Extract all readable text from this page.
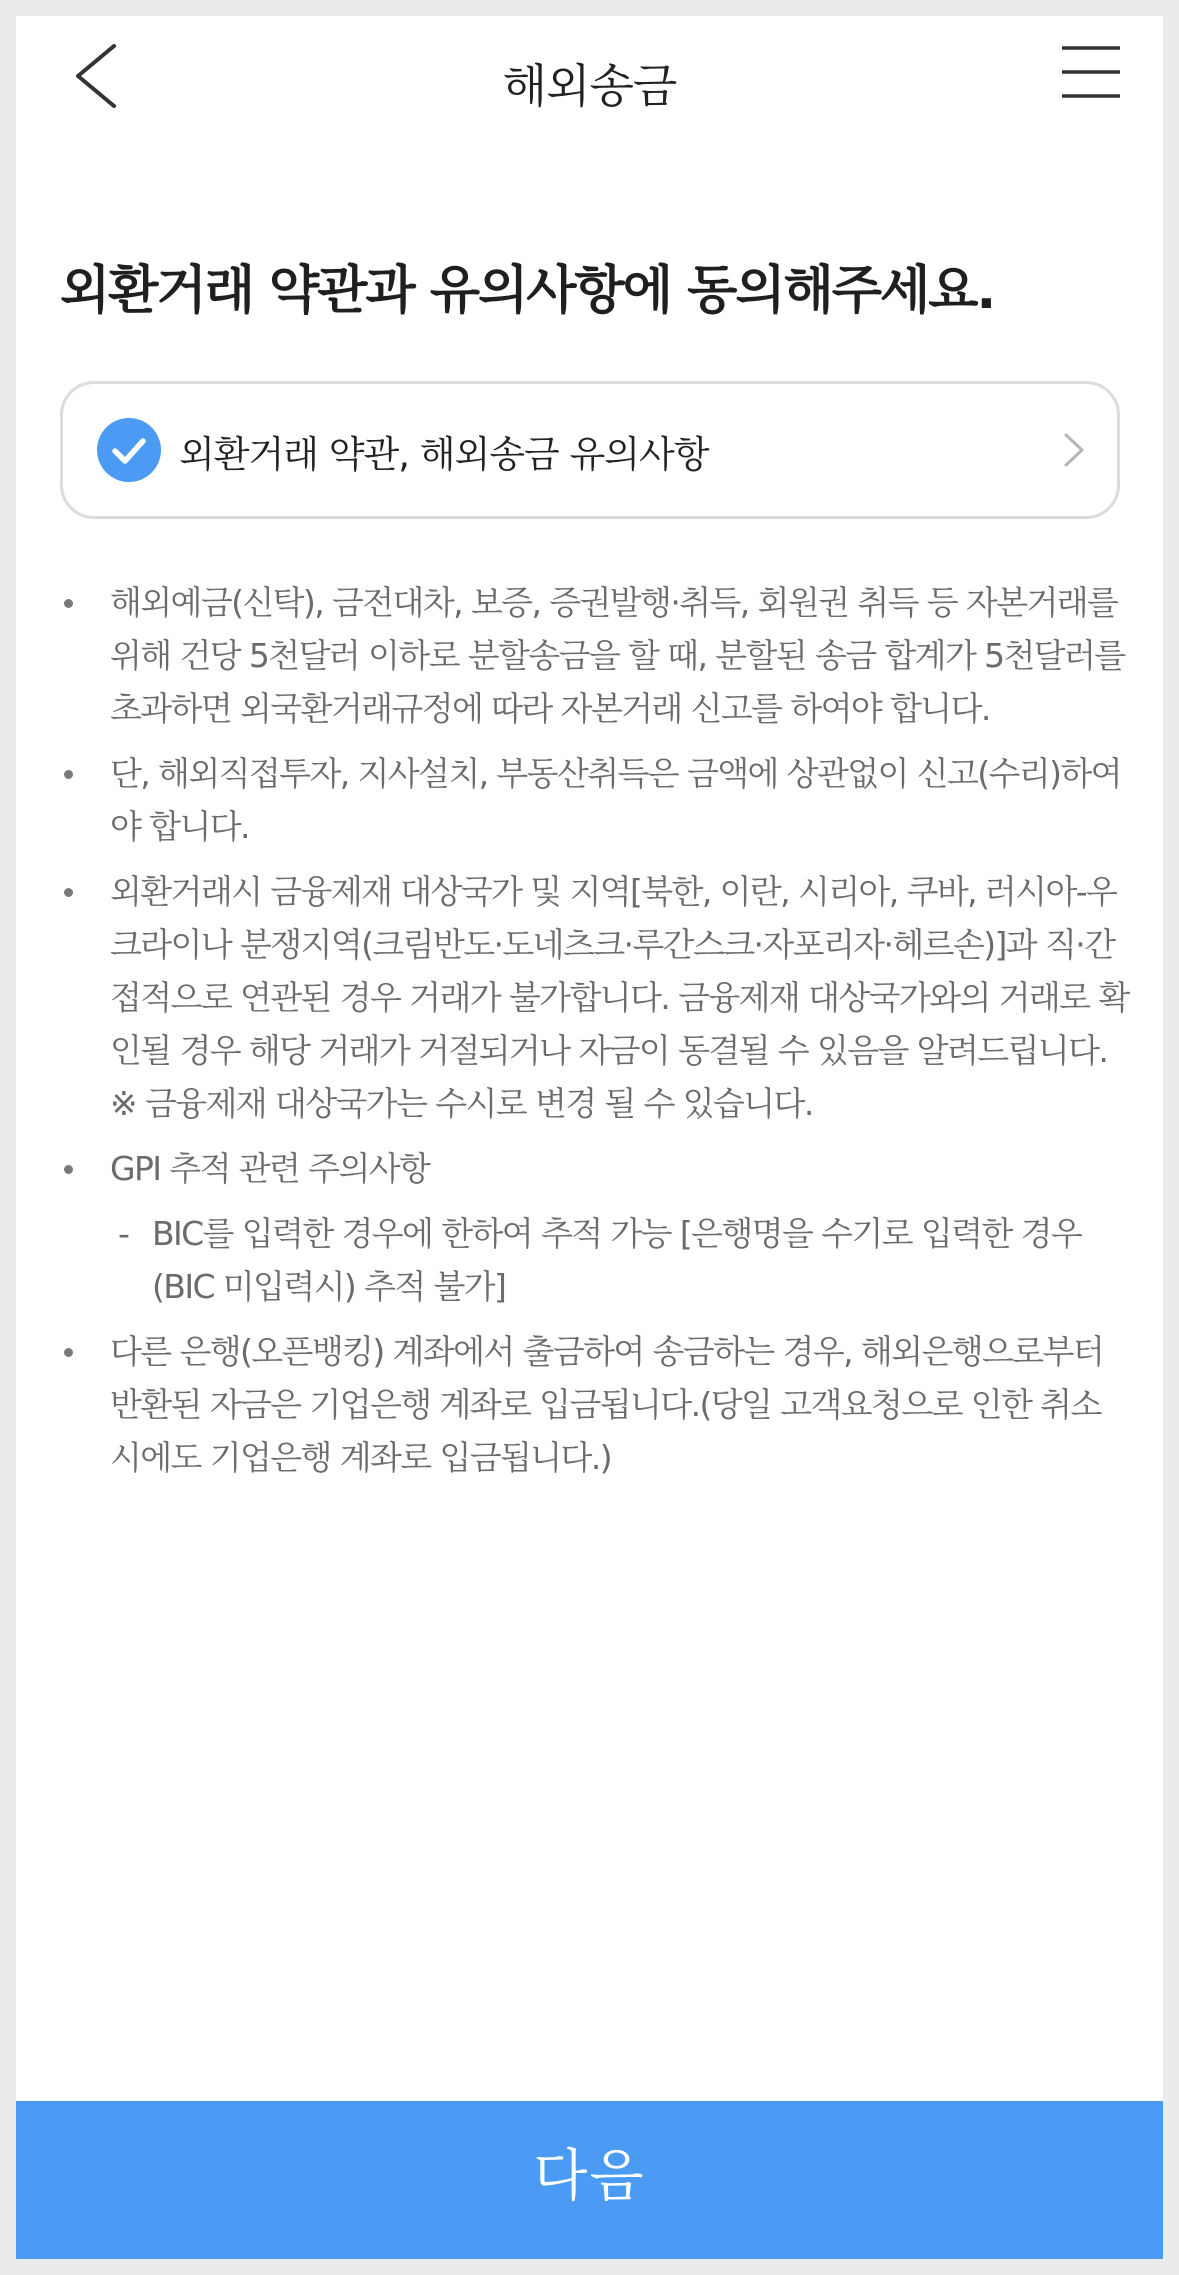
해외송금
외환거래 약관과 유의사항에 동의해주세요.
외환거래 약관, 해외송금 유의사항
해외예금(신탁), 금전대차, 보증, 증권발행·취득, 회원권 취득 등 자본거래를 위해 건당 5천달러 이하로 분할송금을 할 때, 분할된 송금 합계가 5천달러를 초과하면 외국환거래규정에 따라 자본거래 신고를 하여야 합니다.
단, 해외직접투자, 지사설치, 부동산취득은 금액에 상관없이 신고(수리)하여야 합니다.
외환거래시 금융제재 대상국가 및 지역[북한, 이란, 시리아, 쿠바, 러시아-우크라이나 분쟁지역(크림반도·도네츠크·루간스크·자포리자·헤르손)]과 직·간접적으로 연관된 경우 거래가 불가합니다. 금융제재 대상국가와의 거래로 확인될 경우 해당 거래가 거절되거나 자금이 동결될 수 있음을 알려드립니다.
※ 금융제재 대상국가는 수시로 변경 될 수 있습니다.
GPI 추적 관련 주의사항
- BIC를 입력한 경우에 한하여 추적 가능 [은행명을 수기로 입력한 경우(BIC 미입력시) 추적 불가]
다른 은행(오픈뱅킹) 계좌에서 출금하여 송금하는 경우, 해외은행으로부터 반환된 자금은 기업은행 계좌로 입금됩니다.(당일 고객요청으로 인한 취소 시에도 기업은행 계좌로 입금됩니다.)
다음
